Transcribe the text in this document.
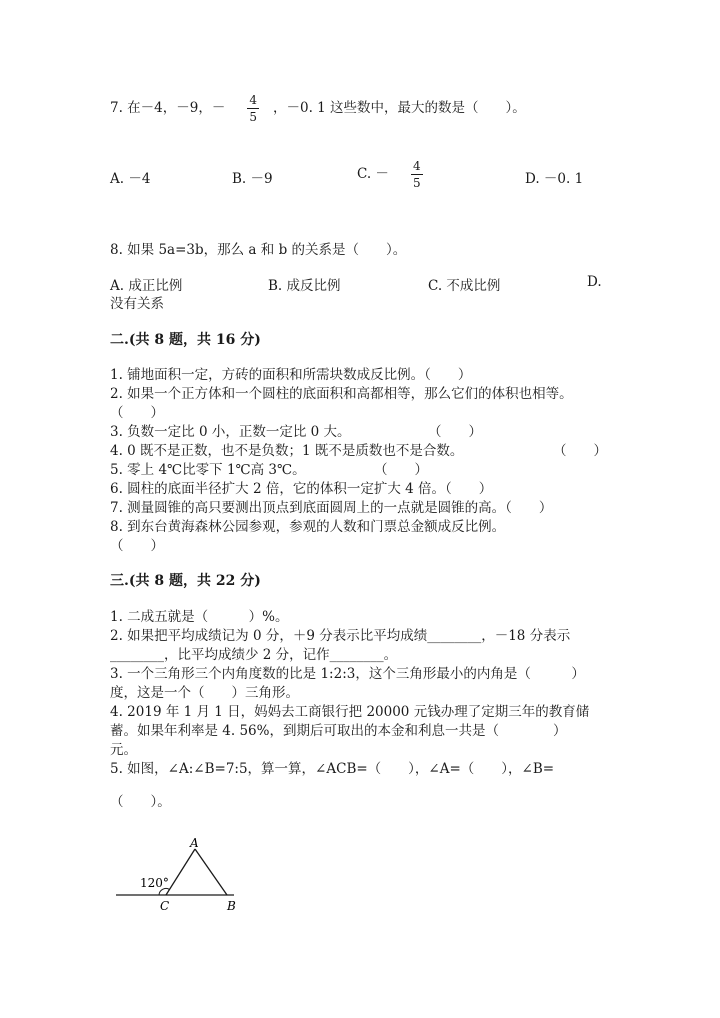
7. 在－4，－9，－ $\frac{4}{5}$ ，－0. 1 这些数中，最大的数是（　　）。
A. －4	B. －9	C. － $\frac{4}{5}$	D. －0. 1
8. 如果 5a=3b，那么 a 和 b 的关系是（　　）。
A. 成正比例	B. 成反比例	C. 不成比例	D.
没有关系
二.(共 8 题，共 16 分)
1. 铺地面积一定，方砖的面积和所需块数成反比例。（　　）
2. 如果一个正方体和一个圆柱的底面积和高都相等，那么它们的体积也相等。
（　　）
3. 负数一定比 0 小，正数一定比 0 大。	（　　）
4. 0 既不是正数，也不是负数；1 既不是质数也不是合数。	（　　）
5. 零上 4℃比零下 1℃高 3℃。	（　　）
6. 圆柱的底面半径扩大 2 倍，它的体积一定扩大 4 倍。（　　）
7. 测量圆锥的高只要测出顶点到底面圆周上的一点就是圆锥的高。（　　）
8. 到东台黄海森林公园参观，参观的人数和门票总金额成反比例。
（　　）
三.(共 8 题，共 22 分)
1. 二成五就是（　　　）%。
2. 如果把平均成绩记为 0 分，＋9 分表示比平均成绩________，－18 分表示
________，比平均成绩少 2 分，记作________。
3. 一个三角形三个内角度数的比是 1:2:3，这个三角形最小的内角是（　　　）
度，这是一个（　　）三角形。
4. 2019 年 1 月 1 日，妈妈去工商银行把 20000 元钱办理了定期三年的教育储
蓄。如果年利率是 4. 56%，到期后可取出的本金和利息一共是（　　　　）
元。
5. 如图，∠A:∠B=7:5，算一算，∠ACB=（　　），∠A=（　　），∠B=
（　　）。
A
C	B
120°
